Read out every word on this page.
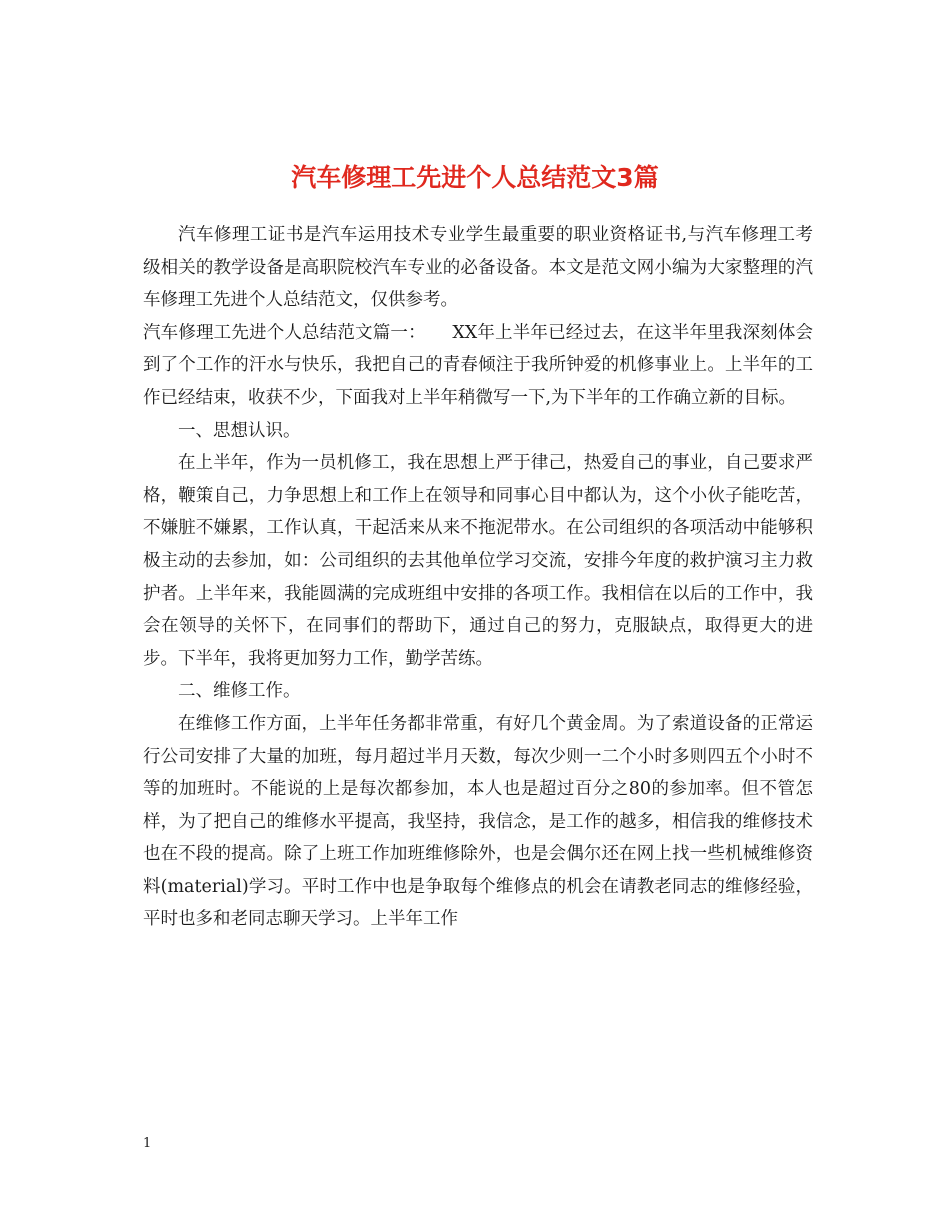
汽车修理工先进个人总结范文3篇

汽车修理工证书是汽车运用技术专业学生最重要的职业资格证书,与汽车修理工考级相关的教学设备是高职院校汽车专业的必备设备。本文是范文网小编为大家整理的汽车修理工先进个人总结范文，仅供参考。

汽车修理工先进个人总结范文篇一：　　XX年上半年已经过去，在这半年里我深刻体会到了个工作的汗水与快乐，我把自己的青春倾注于我所钟爱的机修事业上。上半年的工作已经结束，收获不少，下面我对上半年稍微写一下,为下半年的工作确立新的目标。

一、思想认识。

在上半年，作为一员机修工，我在思想上严于律己，热爱自己的事业，自己要求严格，鞭策自己，力争思想上和工作上在领导和同事心目中都认为，这个小伙子能吃苦，不嫌脏不嫌累，工作认真，干起活来从来不拖泥带水。在公司组织的各项活动中能够积极主动的去参加，如：公司组织的去其他单位学习交流，安排今年度的救护演习主力救护者。上半年来，我能圆满的完成班组中安排的各项工作。我相信在以后的工作中，我会在领导的关怀下，在同事们的帮助下，通过自己的努力，克服缺点，取得更大的进步。下半年，我将更加努力工作，勤学苦练。

二、维修工作。

在维修工作方面，上半年任务都非常重，有好几个黄金周。为了索道设备的正常运行公司安排了大量的加班，每月超过半月天数，每次少则一二个小时多则四五个小时不等的加班时。不能说的上是每次都参加，本人也是超过百分之80的参加率。但不管怎样，为了把自己的维修水平提高，我坚持，我信念，是工作的越多，相信我的维修技术也在不段的提高。除了上班工作加班维修除外，也是会偶尔还在网上找一些机械维修资料(material)学习。平时工作中也是争取每个维修点的机会在请教老同志的维修经验，平时也多和老同志聊天学习。上半年工作

1
